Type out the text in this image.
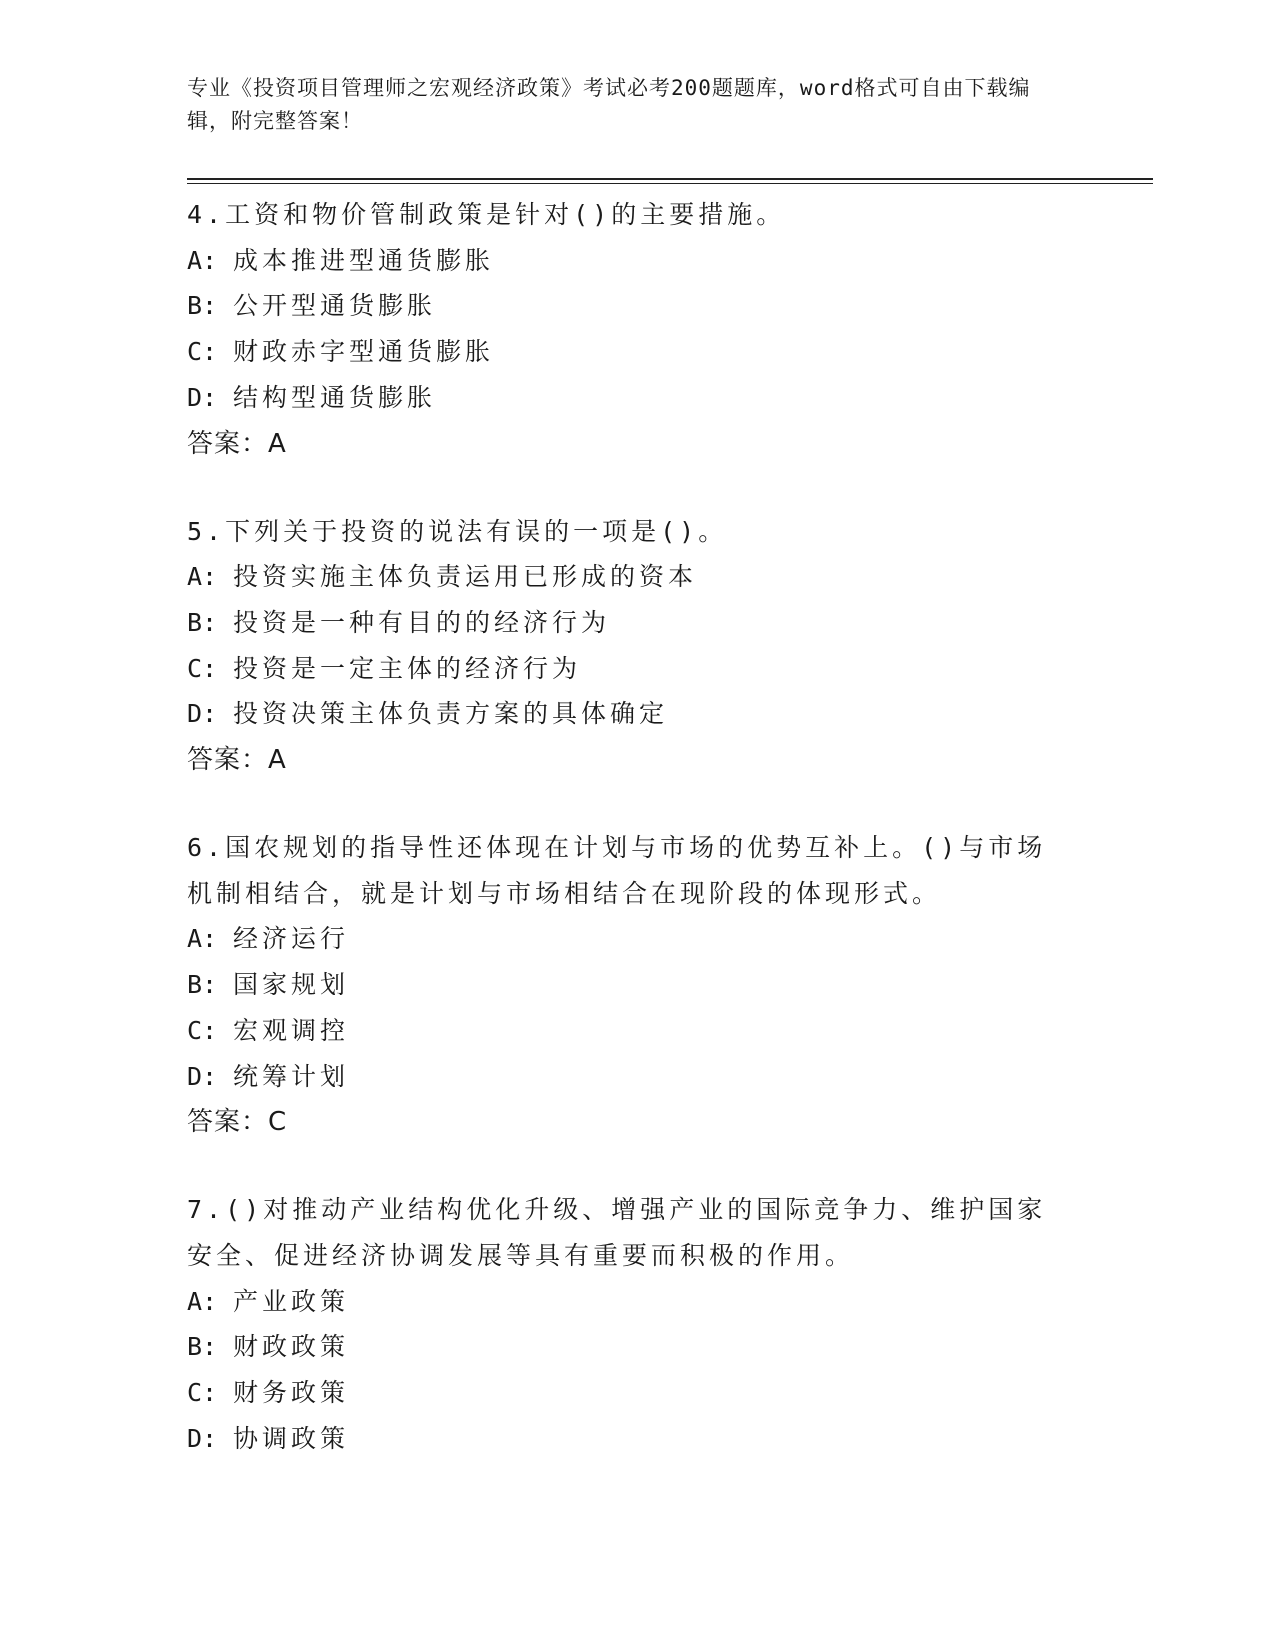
专业《投资项目管理师之宏观经济政策》考试必考200题题库，word格式可自由下载编辑，附完整答案！
4.工资和物价管制政策是针对()的主要措施。
A: 成本推进型通货膨胀
B: 公开型通货膨胀
C: 财政赤字型通货膨胀
D: 结构型通货膨胀
答案：A
5.下列关于投资的说法有误的一项是()。
A: 投资实施主体负责运用已形成的资本
B: 投资是一种有目的的经济行为
C: 投资是一定主体的经济行为
D: 投资决策主体负责方案的具体确定
答案：A
6.国农规划的指导性还体现在计划与市场的优势互补上。()与市场机制相结合，就是计划与市场相结合在现阶段的体现形式。
A: 经济运行
B: 国家规划
C: 宏观调控
D: 统筹计划
答案：C
7.()对推动产业结构优化升级、增强产业的国际竞争力、维护国家安全、促进经济协调发展等具有重要而积极的作用。
A: 产业政策
B: 财政政策
C: 财务政策
D: 协调政策
